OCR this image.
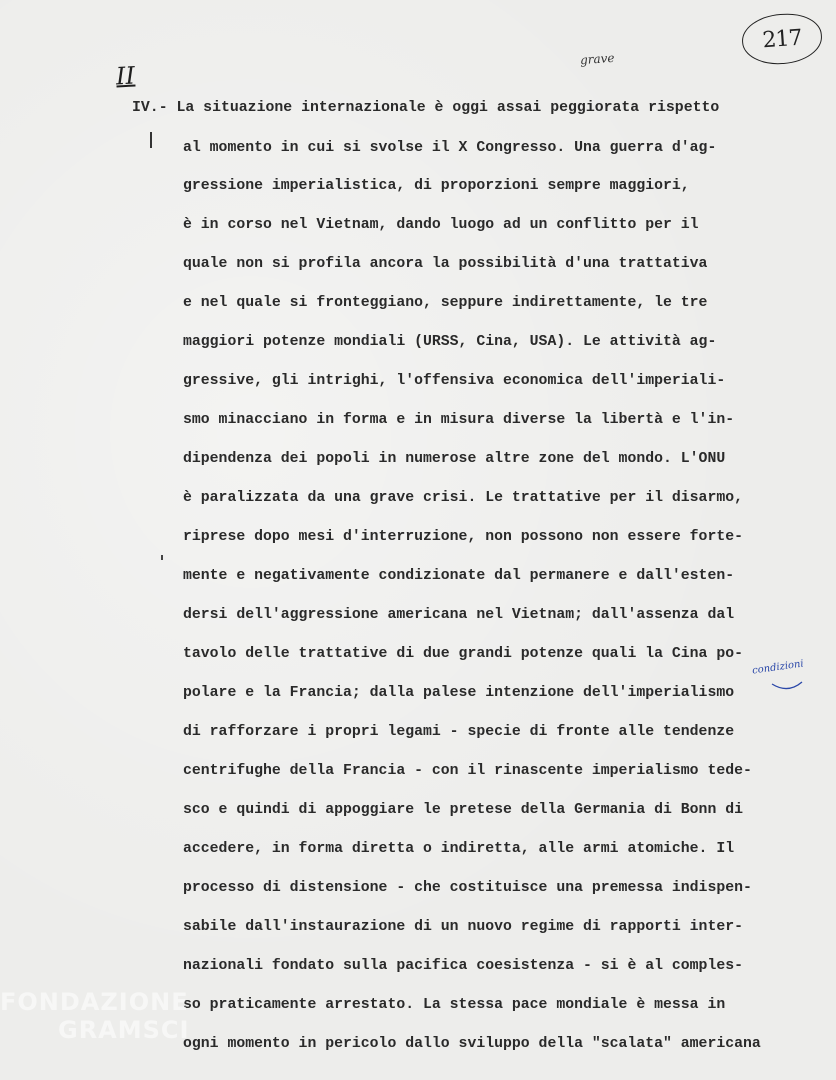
217
II
grave
condizioni
IV.- La situazione internazionale è oggi assai peggiorata rispetto
al momento in cui si svolse il X Congresso. Una guerra d'ag-
gressione imperialistica, di proporzioni sempre maggiori,
è in corso nel Vietnam, dando luogo ad un conflitto per il
quale non si profila ancora la possibilità d'una trattativa
e nel quale si fronteggiano, seppure indirettamente, le tre
maggiori potenze mondiali (URSS, Cina, USA). Le attività ag-
gressive, gli intrighi, l'offensiva economica dell'imperiali-
smo minacciano in forma e in misura diverse la libertà e l'in-
dipendenza dei popoli in numerose altre zone del mondo. L'ONU
è paralizzata da una grave crisi. Le trattative per il disarmo,
riprese dopo mesi d'interruzione, non possono non essere forte-
mente e negativamente condizionate dal permanere e dall'esten-
dersi dell'aggressione americana nel Vietnam; dall'assenza dal
tavolo delle trattative di due grandi potenze quali la Cina po-
polare e la Francia; dalla palese intenzione dell'imperialismo
di rafforzare i propri legami - specie di fronte alle tendenze
centrifughe della Francia - con il rinascente imperialismo tede-
sco e quindi di appoggiare le pretese della Germania di Bonn di
accedere, in forma diretta o indiretta, alle armi atomiche. Il
processo di distensione - che costituisce una premessa indispen-
sabile dall'instaurazione di un nuovo regime di rapporti inter-
nazionali fondato sulla pacifica coesistenza - si è al comples-
so praticamente arrestato. La stessa pace mondiale è messa in
ogni momento in pericolo dallo sviluppo della "scalata" americana
FONDAZIONE
GRAMSCI
